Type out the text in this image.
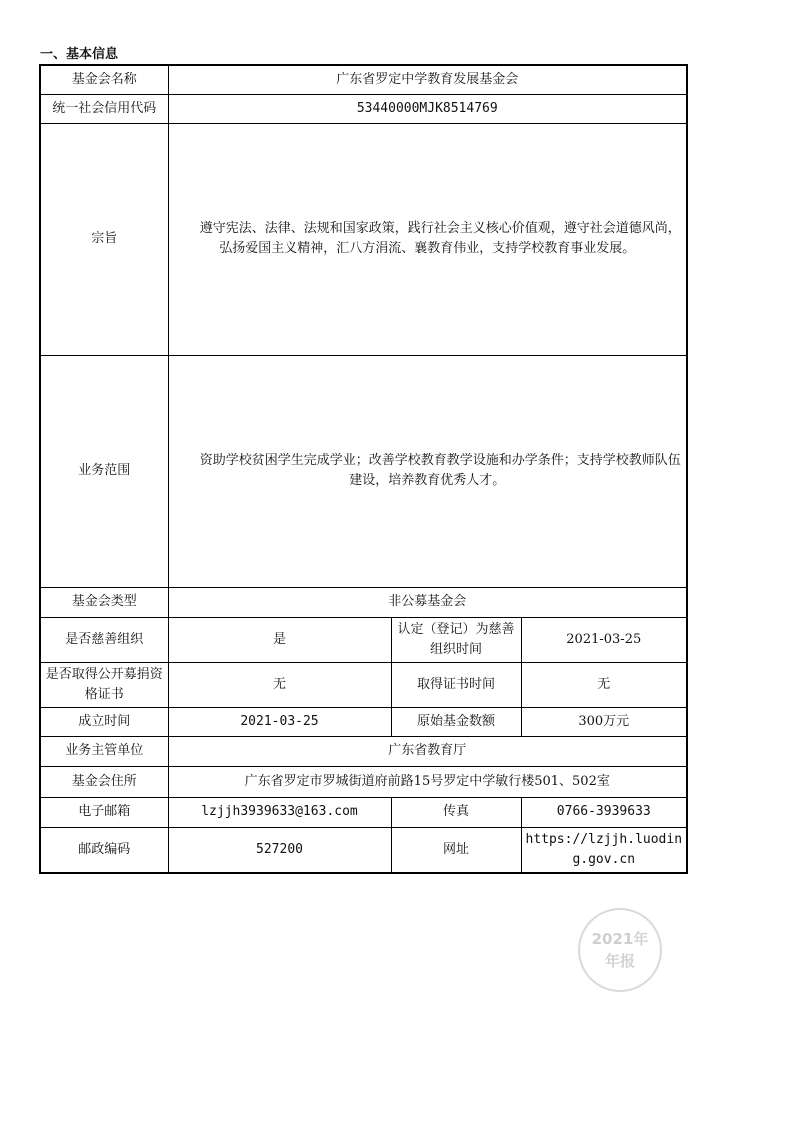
一、基本信息
基金会名称	广东省罗定中学教育发展基金会		
统一社会信用代码	53440000MJK8514769		
宗旨	遵守宪法、法律、法规和国家政策，践行社会主义核心价值观，遵守社会道德风尚，弘扬爱国主义精神，汇八方涓流、襄教育伟业，支持学校教育事业发展。		

业务范围	资助学校贫困学生完成学业；改善学校教育教学设施和办学条件；支持学校教师队伍建设，培养教育优秀人才。		

基金会类型	非公募基金会		
是否慈善组织	是	认定（登记）为慈善组织时间	2021-03-25
是否取得公开募捐资格证书	无	取得证书时间	无
成立时间	2021-03-25	原始基金数额	300万元
业务主管单位	广东省教育厅		
基金会住所	广东省罗定市罗城街道府前路15号罗定中学敏行楼501、502室		
电子邮箱	lzjjh3939633@163.com	传真	0766-3939633
邮政编码	527200	网址	https://lzjjh.luoding.gov.cn
2021年
年报
